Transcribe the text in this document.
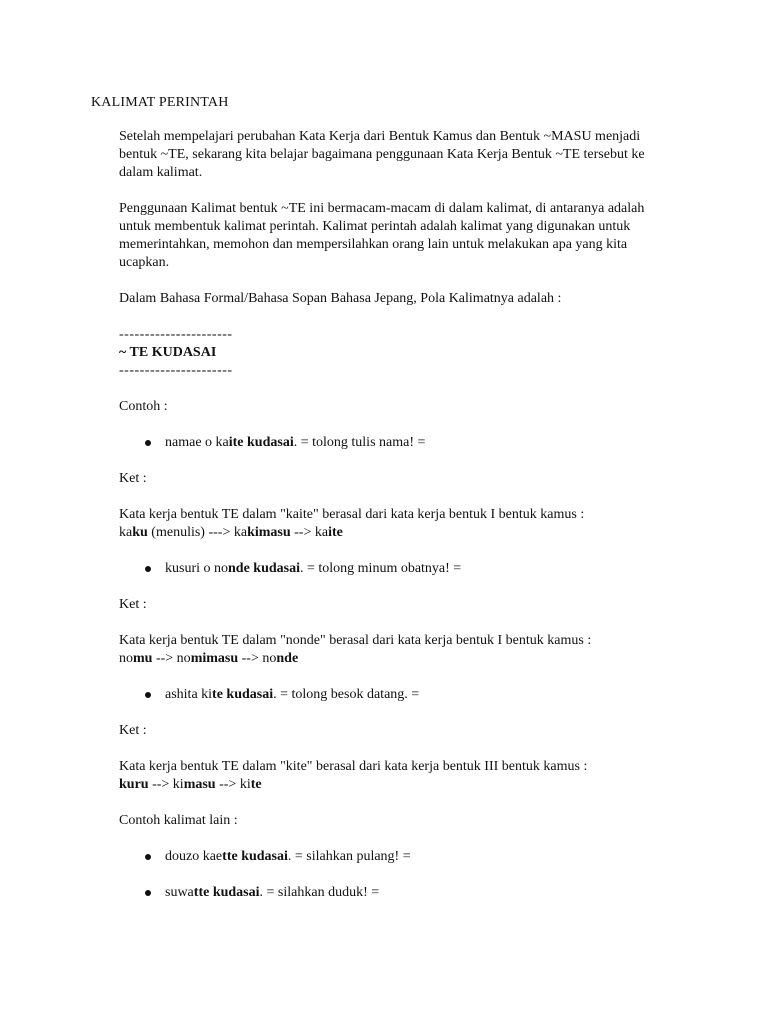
KALIMAT PERINTAH

Setelah mempelajari perubahan Kata Kerja dari Bentuk Kamus dan Bentuk ~MASU menjadi bentuk ~TE, sekarang kita belajar bagaimana penggunaan Kata Kerja Bentuk ~TE tersebut ke dalam kalimat.

Penggunaan Kalimat bentuk ~TE ini bermacam-macam di dalam kalimat, di antaranya adalah untuk membentuk kalimat perintah. Kalimat perintah adalah kalimat yang digunakan untuk memerintahkan, memohon dan mempersilahkan orang lain untuk melakukan apa yang kita ucapkan.

Dalam Bahasa Formal/Bahasa Sopan Bahasa Jepang, Pola Kalimatnya adalah :

----------------------

~ TE KUDASAI

----------------------

Contoh :

namae o kaite kudasai. = tolong tulis nama! =

Ket :

Kata kerja bentuk TE dalam "kaite" berasal dari kata kerja bentuk I bentuk kamus :
kaku (menulis) ---> kakimasu --> kaite

kusuri o nonde kudasai. = tolong minum obatnya! =

Ket :

Kata kerja bentuk TE dalam "nonde" berasal dari kata kerja bentuk I bentuk kamus :
nomu --> nomimasu --> nonde

ashita kite kudasai. = tolong besok datang. =

Ket :

Kata kerja bentuk TE dalam "kite" berasal dari kata kerja bentuk III bentuk kamus :
kuru --> kimasu --> kite

Contoh kalimat lain :

douzo kaette kudasai. = silahkan pulang! =

suwatte kudasai. = silahkan duduk! =
